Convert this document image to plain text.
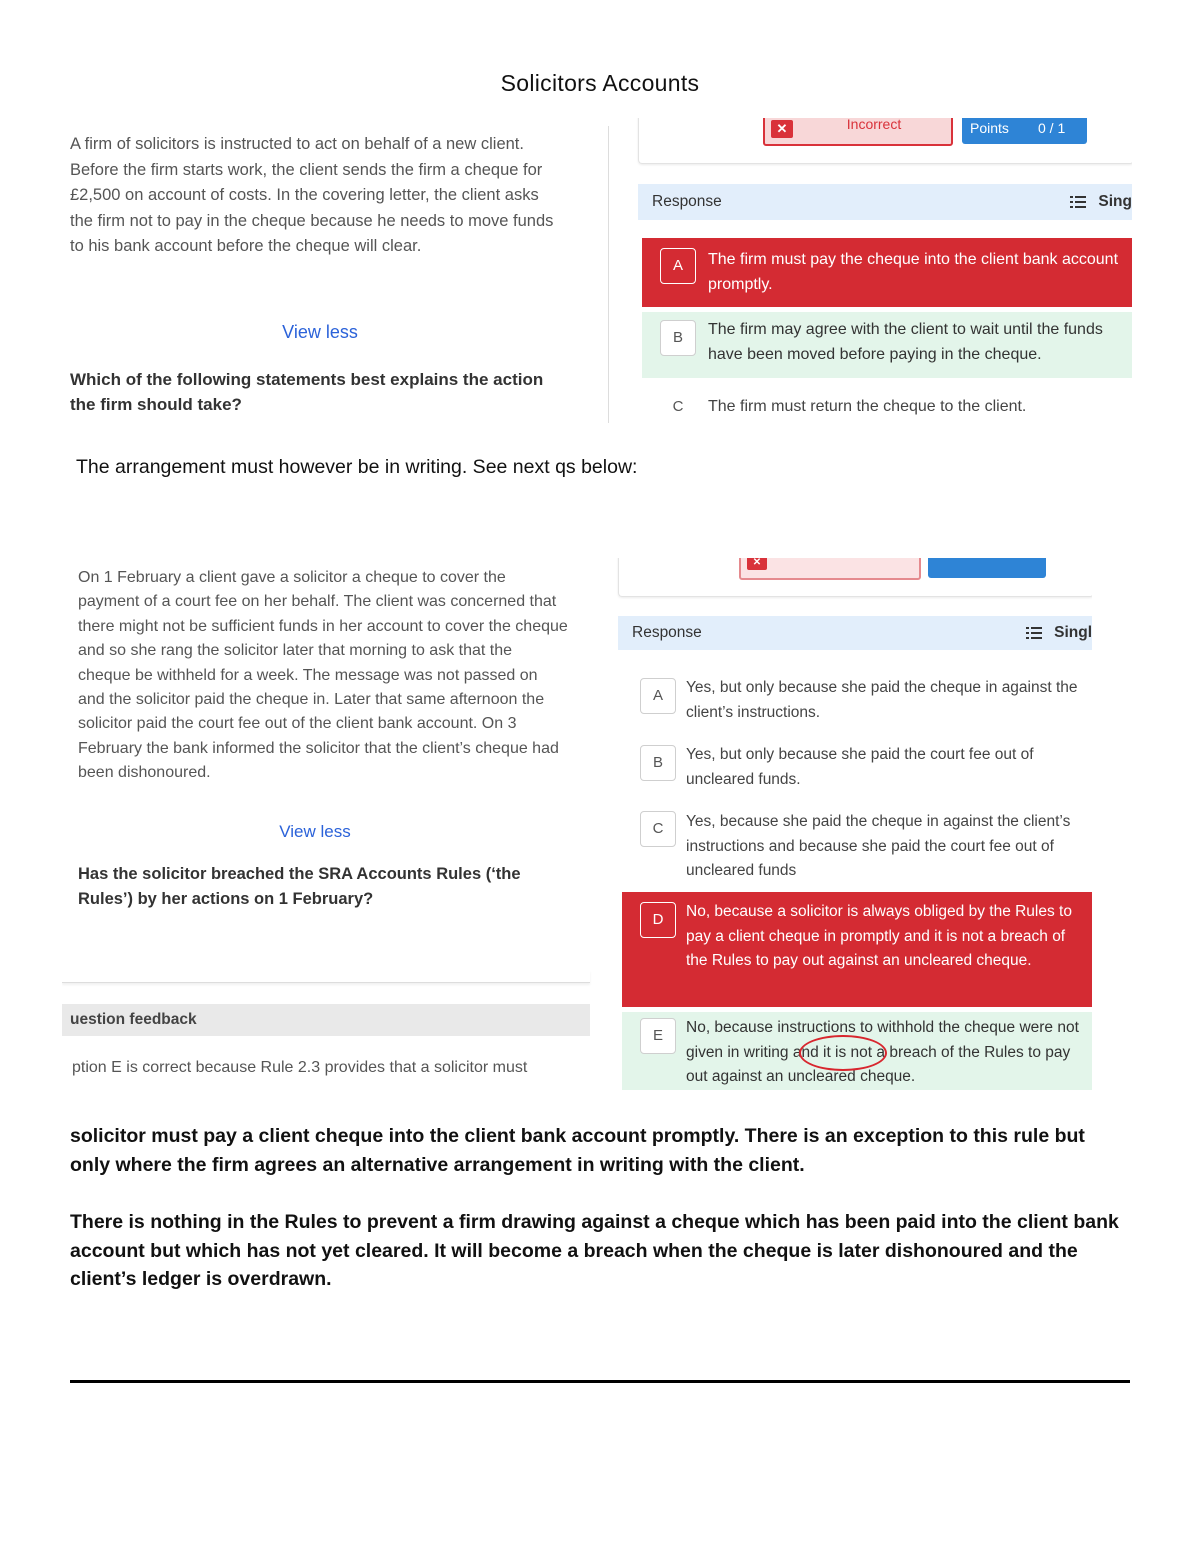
Solicitors Accounts
A firm of solicitors is instructed to act on behalf of a new client. Before the firm starts work, the client sends the firm a cheque for £2,500 on account of costs. In the covering letter, the client asks the firm not to pay in the cheque because he needs to move funds to his bank account before the cheque will clear.
View less
Which of the following statements best explains the action the firm should take?
✕	Incorrect	Points 0 / 1
Response	Sing
A	The firm must pay the cheque into the client bank account promptly.
B	The firm may agree with the client to wait until the funds have been moved before paying in the cheque.
C	The firm must return the cheque to the client.
The arrangement must however be in writing. See next qs below:
On 1 February a client gave a solicitor a cheque to cover the payment of a court fee on her behalf. The client was concerned that there might not be sufficient funds in her account to cover the cheque and so she rang the solicitor later that morning to ask that the cheque be withheld for a week. The message was not passed on and the solicitor paid the cheque in. Later that same afternoon the solicitor paid the court fee out of the client bank account. On 3 February the bank informed the solicitor that the client’s cheque had been dishonoured.
View less
Has the solicitor breached the SRA Accounts Rules (‘the Rules’) by her actions on 1 February?
uestion feedback
ption E is correct because Rule 2.3 provides that a solicitor must
✕
Response	Singl
A	Yes, but only because she paid the cheque in against the client’s instructions.
B	Yes, but only because she paid the court fee out of uncleared funds.
C	Yes, because she paid the cheque in against the client’s instructions and because she paid the court fee out of uncleared funds
D	No, because a solicitor is always obliged by the Rules to pay a client cheque in promptly and it is not a breach of the Rules to pay out against an uncleared cheque.
E	No, because instructions to withhold the cheque were not given in writing and it is not a breach of the Rules to pay out against an uncleared cheque.
solicitor must pay a client cheque into the client bank account promptly. There is an exception to this rule but only where the firm agrees an alternative arrangement in writing with the client.
There is nothing in the Rules to prevent a firm drawing against a cheque which has been paid into the client bank account but which has not yet cleared. It will become a breach when the cheque is later dishonoured and the client’s ledger is overdrawn.
